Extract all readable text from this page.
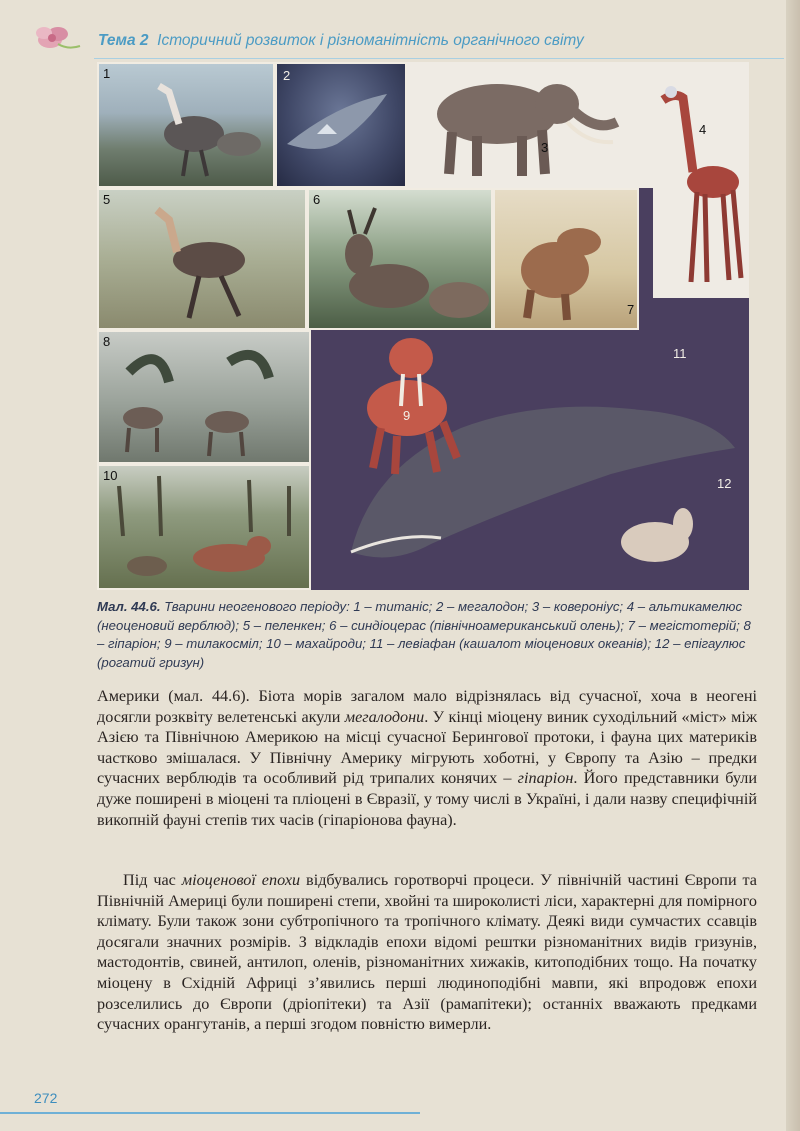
Тема 2 Історичний розвиток і різноманітність органічного світу
1	2
3
4
5	6
7
8
10
9
11
12
Мал. 44.6. Тварини неогенового періоду: 1 – титаніс; 2 – мегалодон; 3 – ковероніус; 4 – альтикамелюс (неоценовий верблюд); 5 – пеленкен; 6 – синдіоцерас (північноамериканський олень); 7 – мегістотерій; 8 – гіпаріон; 9 – тилакосміл; 10 – махайроди; 11 – левіафан (кашалот міоценових океанів); 12 – епігаулюс (рогатий гризун)

Америки (мал. 44.6). Біота морів загалом мало відрізнялась від сучасної, хоча в неогені досягли розквіту велетенські акули мегалодони. У кінці міоцену виник суходільний «міст» між Азією та Північною Америкою на місці сучасної Берингової протоки, і фауна цих материків частково змішалася. У Північну Америку мігрують хоботні, у Європу та Азію – предки сучасних верблюдів та особливий рід трипалих конячих – гіпаріон. Його представники були дуже поширені в міоцені та пліоцені в Євразії, у тому числі в Україні, і дали назву специфічній викопній фауні степів тих часів (гіпаріонова фауна).

Під час міоценової епохи відбувались горотворчі процеси. У північній частині Європи та Північній Америці були поширені степи, хвойні та широколисті ліси, характерні для помірного клімату. Були також зони субтропічного та тропічного клімату. Деякі види сумчастих ссавців досягали значних розмірів. З відкладів епохи відомі рештки різноманітних видів гризунів, мастодонтів, свиней, антилоп, оленів, різноманітних хижаків, китоподібних тощо. На початку міоцену в Східній Африці з’явились перші людиноподібні мавпи, які впродовж епохи розселились до Європи (дріопітеки) та Азії (рамапітеки); останніх вважають предками сучасних орангутанів, а перші згодом повністю вимерли.

272
